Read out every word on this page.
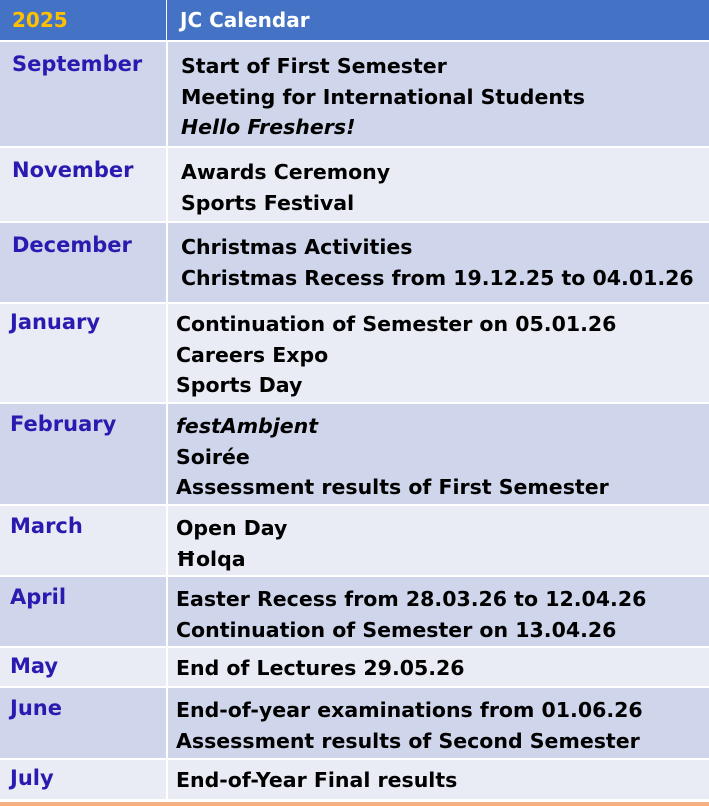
2025	JC Calendar
September Start of First Semester
Meeting for International Students
Hello Freshers!
November Awards Ceremony
Sports Festival
December Christmas Activities
Christmas Recess from 19.12.25 to 04.01.26
January	Continuation of Semester on 05.01.26
Careers Expo
Sports Day
February	festAmbjent
Soirée
Assessment results of First Semester
March	Open Day
Ħolqa
April	Easter Recess from 28.03.26 to 12.04.26
Continuation of Semester on 13.04.26
May	End of Lectures 29.05.26
June	End-of-year examinations from 01.06.26
Assessment results of Second Semester
July	End-of-Year Final results
